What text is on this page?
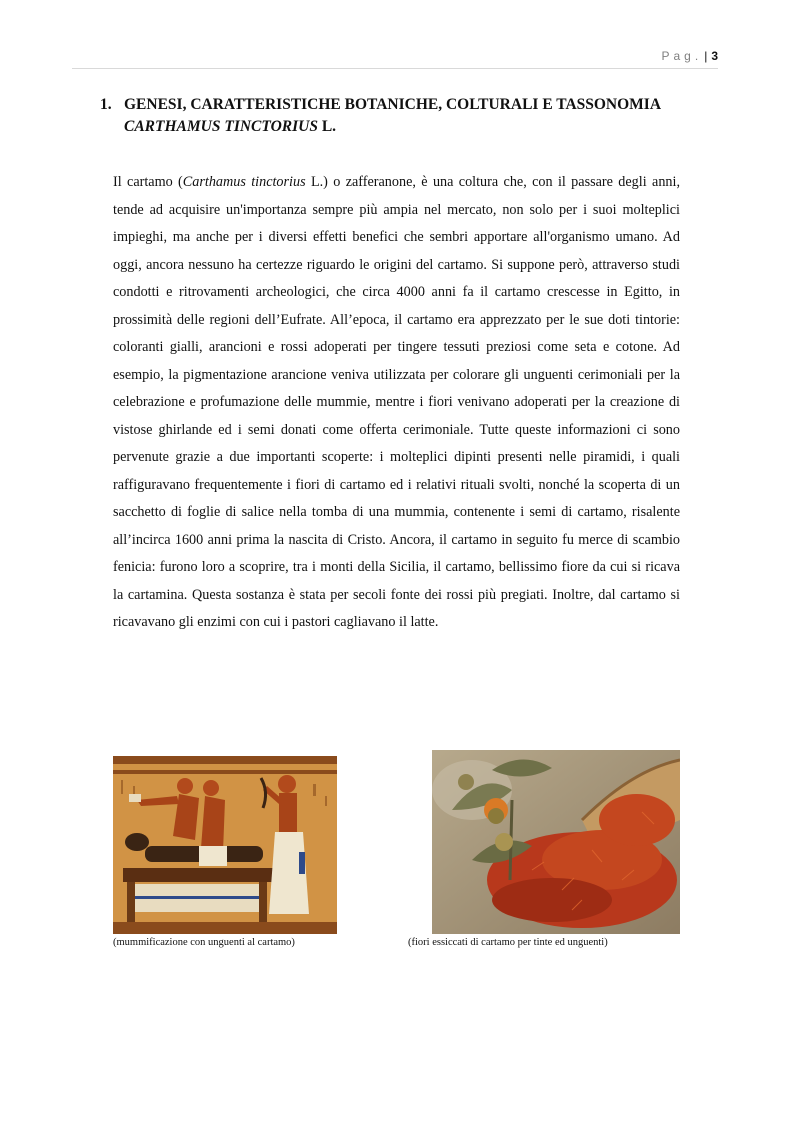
Pag. | 3
1. GENESI, CARATTERISTICHE BOTANICHE, COLTURALI E TASSONOMIA
CARTHAMUS TINCTORIUS L.

Il cartamo (Carthamus tinctorius L.) o zafferanone, è una coltura che, con il passare degli anni, tende ad acquisire un'importanza sempre più ampia nel mercato, non solo per i suoi molteplici impieghi, ma anche per i diversi effetti benefici che sembri apportare all'organismo umano. Ad oggi, ancora nessuno ha certezze riguardo le origini del cartamo. Si suppone però, attraverso studi condotti e ritrovamenti archeologici, che circa 4000 anni fa il cartamo crescesse in Egitto, in prossimità delle regioni dell’Eufrate. All’epoca, il cartamo era apprezzato per le sue doti tintorie: coloranti gialli, arancioni e rossi adoperati per tingere tessuti preziosi come seta e cotone. Ad esempio, la pigmentazione arancione veniva utilizzata per colorare gli unguenti cerimoniali per la celebrazione e profumazione delle mummie, mentre i fiori venivano adoperati per la creazione di vistose ghirlande ed i semi donati come offerta cerimoniale. Tutte queste informazioni ci sono pervenute grazie a due importanti scoperte: i molteplici dipinti presenti nelle piramidi, i quali raffiguravano frequentemente i fiori di cartamo ed i relativi rituali svolti, nonché la scoperta di un sacchetto di foglie di salice nella tomba di una mummia, contenente i semi di cartamo, risalente all’incirca 1600 anni prima la nascita di Cristo. Ancora, il cartamo in seguito fu merce di scambio fenicia: furono loro a scoprire, tra i monti della Sicilia, il cartamo, bellissimo fiore da cui si ricava la cartamina. Questa sostanza è stata per secoli fonte dei rossi più pregiati. Inoltre, dal cartamo si ricavavano gli enzimi con cui i pastori cagliavano il latte.

(mummificazione con unguenti al cartamo)	(fiori essiccati di cartamo per tinte ed unguenti)
